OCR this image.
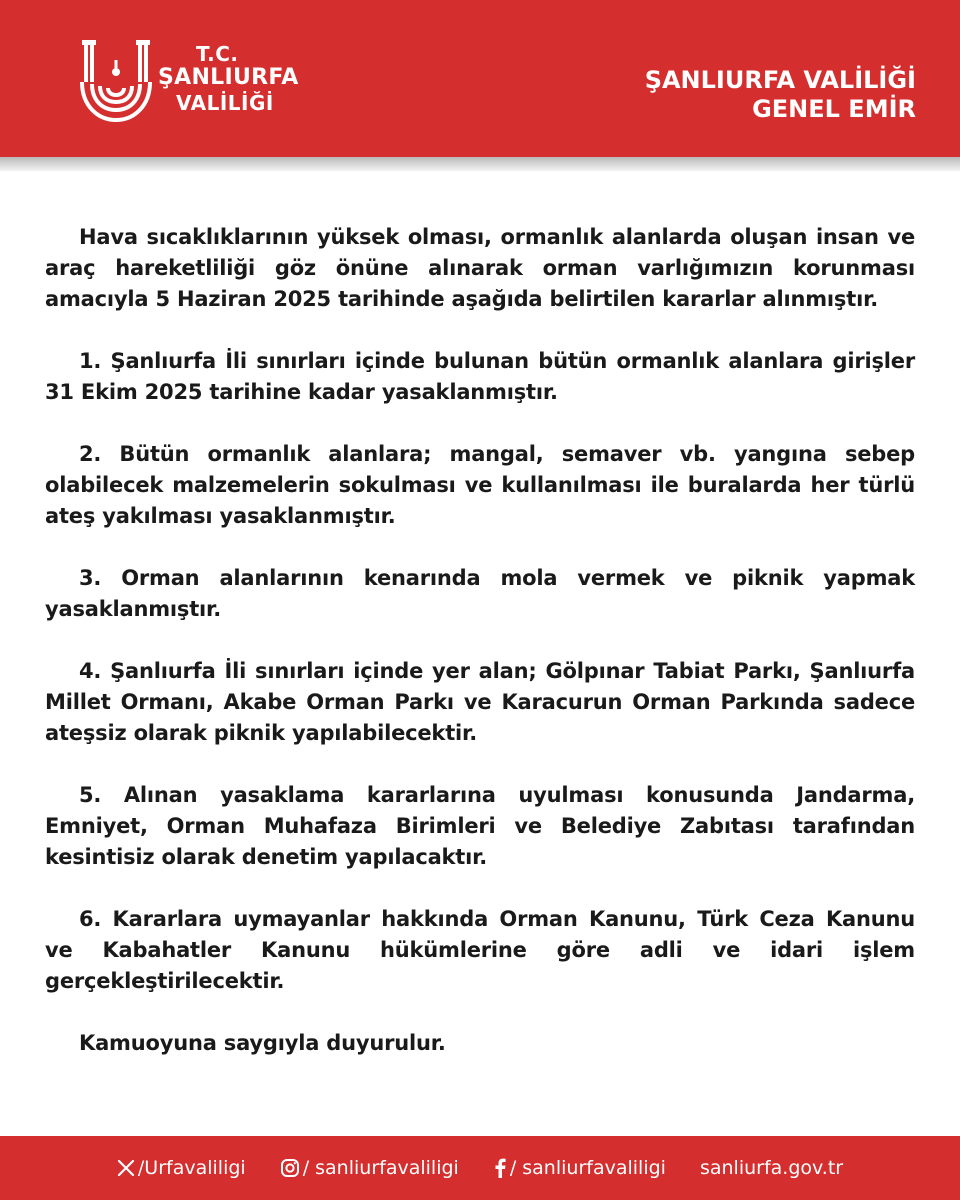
T.C.
ŞANLIURFA
VALİLİĞİ
ŞANLIURFA VALİLİĞİ
GENEL EMİR

Hava sıcaklıklarının yüksek olması, ormanlık alanlarda oluşan insan ve araç hareketliliği göz önüne alınarak orman varlığımızın korunması amacıyla 5 Haziran 2025 tarihinde aşağıda belirtilen kararlar alınmıştır.

1. Şanlıurfa İli sınırları içinde bulunan bütün ormanlık alanlara girişler 31 Ekim 2025 tarihine kadar yasaklanmıştır.

2. Bütün ormanlık alanlara; mangal, semaver vb. yangına sebep olabilecek malzemelerin sokulması ve kullanılması ile buralarda her türlü ateş yakılması yasaklanmıştır.

3. Orman alanlarının kenarında mola vermek ve piknik yapmak yasaklanmıştır.

4. Şanlıurfa İli sınırları içinde yer alan; Gölpınar Tabiat Parkı, Şanlıurfa Millet Ormanı, Akabe Orman Parkı ve Karacurun Orman Parkında sadece ateşsiz olarak piknik yapılabilecektir.

5. Alınan yasaklama kararlarına uyulması konusunda Jandarma, Emniyet, Orman Muhafaza Birimleri ve Belediye Zabıtası tarafından kesintisiz olarak denetim yapılacaktır.

6. Kararlara uymayanlar hakkında Orman Kanunu, Türk Ceza Kanunu ve Kabahatler Kanunu hükümlerine göre adli ve idari işlem gerçekleştirilecektir.

Kamuoyuna saygıyla duyurulur.

/Urfavaliligi	/ sanliurfavaliligi	/ sanliurfavaliligi sanliurfa.gov.tr
